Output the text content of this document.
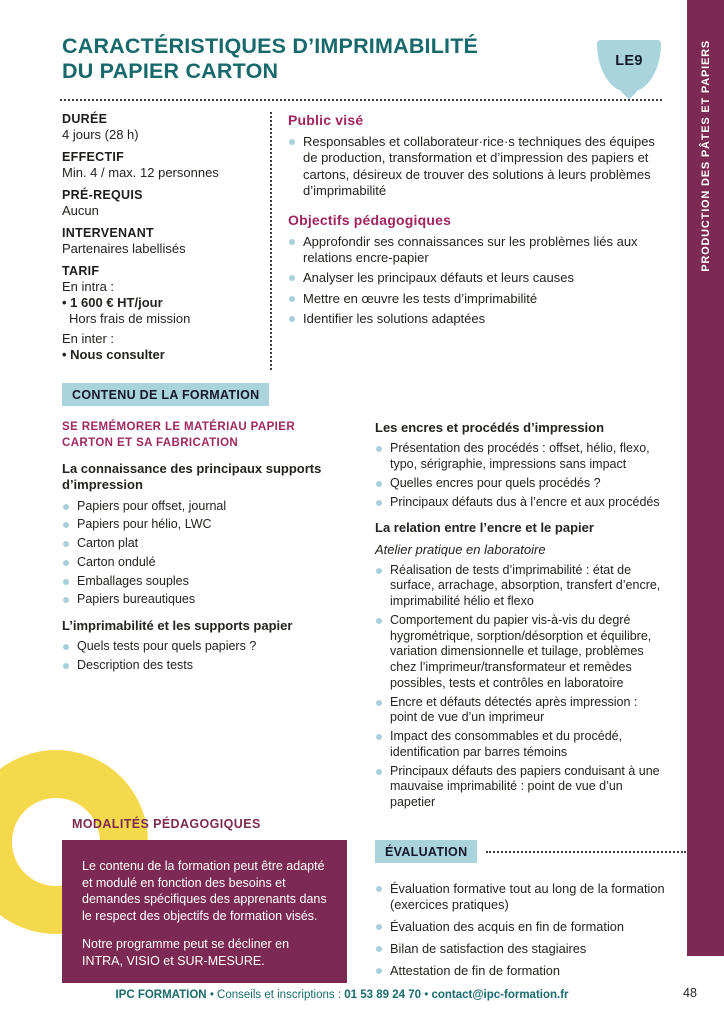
PRODUCTION DES PÂTES ET PAPIERS
CARACTÉRISTIQUES D’IMPRIMABILITÉ
DU PAPIER CARTON	LE9
DURÉE
4 jours (28 h)
EFFECTIF
Min. 4 / max. 12 personnes
PRÉ-REQUIS
Aucun
INTERVENANT
Partenaires labellisés
TARIF
En intra :
• 1 600 € HT/jour
Hors frais de mission
En inter :
• Nous consulter
Public visé
Responsables et collaborateur·rice·s techniques des équipes de production, transformation et d’impression des papiers et cartons, désireux de trouver des solutions à leurs problèmes d’imprimabilité
Objectifs pédagogiques
Approfondir ses connaissances sur les problèmes liés aux relations encre-papier
Analyser les principaux défauts et leurs causes
Mettre en œuvre les tests d’imprimabilité
Identifier les solutions adaptées
CONTENU DE LA FORMATION
SE REMÉMORER LE MATÉRIAU PAPIER CARTON ET SA FABRICATION
La connaissance des principaux supports d’impression
Papiers pour offset, journal
Papiers pour hélio, LWC
Carton plat
Carton ondulé
Emballages souples
Papiers bureautiques
L’imprimabilité et les supports papier
Quels tests pour quels papiers ?
Description des tests
Les encres et procédés d’impression
Présentation des procédés : offset, hélio, flexo, typo, sérigraphie, impressions sans impact
Quelles encres pour quels procédés ?
Principaux défauts dus à l’encre et aux procédés
La relation entre l’encre et le papier
Atelier pratique en laboratoire
Réalisation de tests d’imprimabilité : état de surface, arrachage, absorption, transfert d’encre, imprimabilité hélio et flexo
Comportement du papier vis-à-vis du degré hygrométrique, sorption/désorption et équilibre, variation dimensionnelle et tuilage, problèmes chez l’imprimeur/transformateur et remèdes possibles, tests et contrôles en laboratoire
Encre et défauts détectés après impression : point de vue d’un imprimeur
Impact des consommables et du procédé, identification par barres témoins
Principaux défauts des papiers conduisant à une mauvaise imprimabilité : point de vue d’un papetier
MODALITÉS PÉDAGOGIQUES

Le contenu de la formation peut être adapté et modulé en fonction des besoins et demandes spécifiques des apprenants dans le respect des objectifs de formation visés.

Notre programme peut se décliner en INTRA, VISIO et SUR-MESURE.

ÉVALUATION
Évaluation formative tout au long de la formation (exercices pratiques)
Évaluation des acquis en fin de formation
Bilan de satisfaction des stagiaires
Attestation de fin de formation
IPC FORMATION • Conseils et inscriptions : 01 53 89 24 70 • contact@ipc-formation.fr	48
